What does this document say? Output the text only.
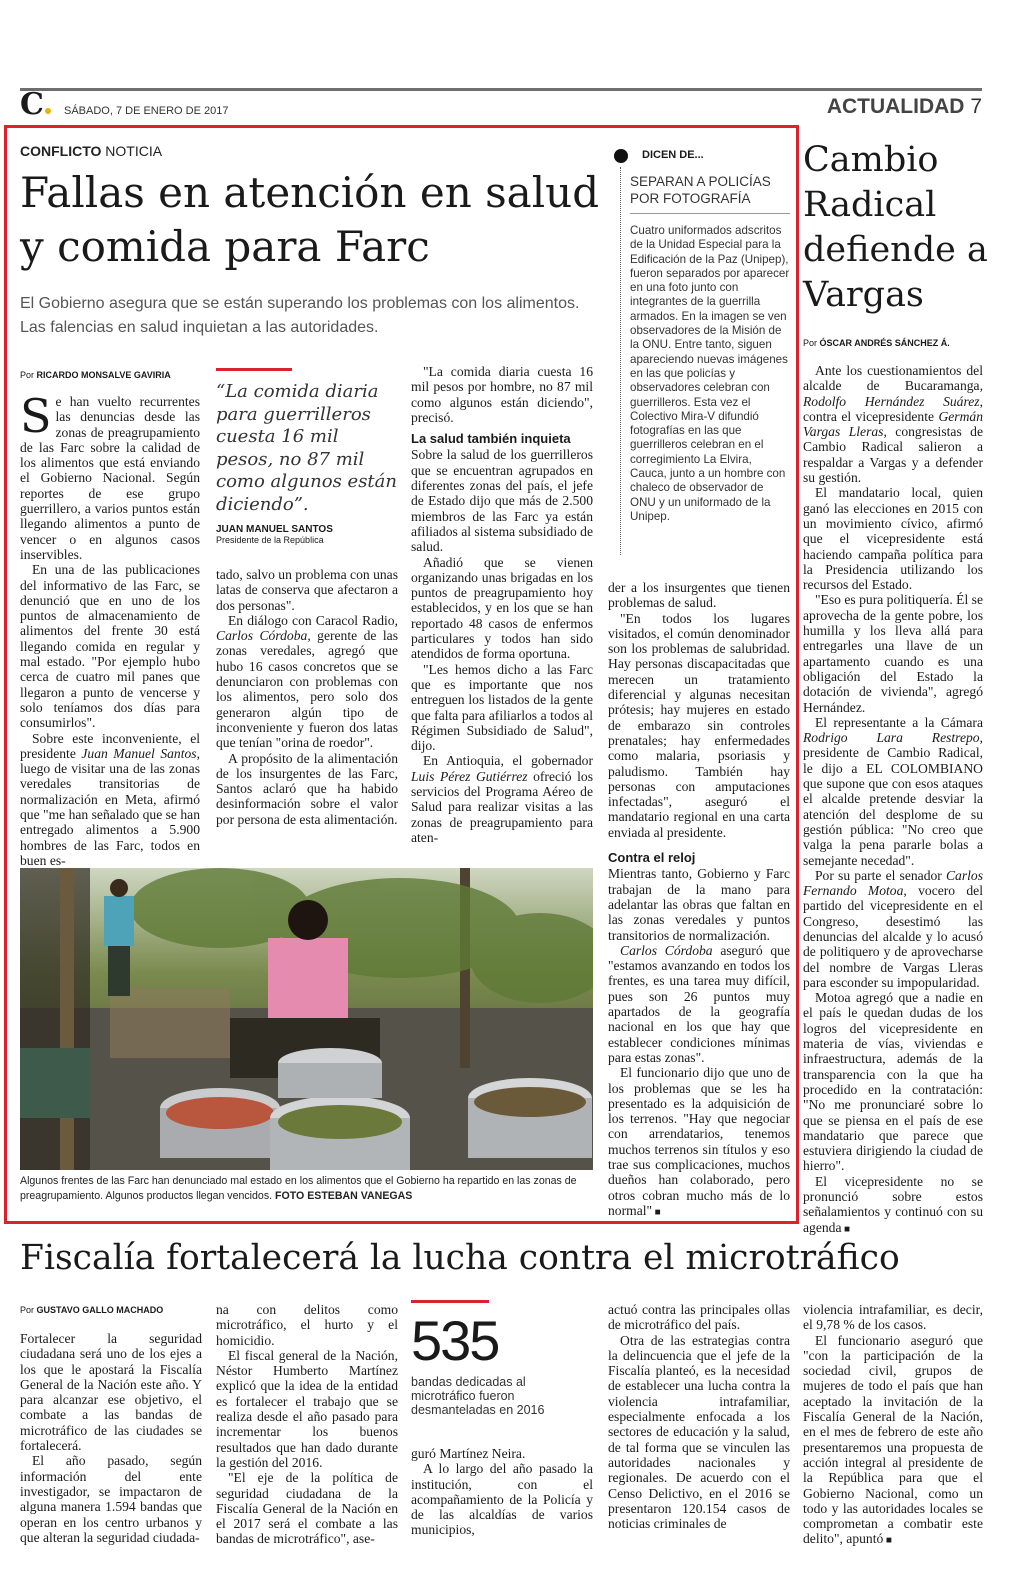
C	SÁBADO, 7 DE ENERO DE 2017	ACTUALIDAD 7
CONFLICTO NOTICIA
Fallas en atención en salud y comida para Farc

El Gobierno asegura que se están superando los problemas con los alimentos. Las falencias en salud inquietan a las autoridades.

Por RICARDO MONSALVE GAVIRIA

Se han vuelto recurrentes las denuncias desde las zonas de preagrupamiento de las Farc sobre la calidad de los alimentos que está enviando el Gobierno Nacional. Según reportes de ese grupo guerrillero, a varios puntos están llegando alimentos a punto de vencer o en algunos casos inservibles.

En una de las publicaciones del informativo de las Farc, se denunció que en uno de los puntos de almacenamiento de alimentos del frente 30 está llegando comida en regular y mal estado. "Por ejemplo hubo cerca de cuatro mil panes que llegaron a punto de vencerse y solo teníamos dos días para consumirlos".

Sobre este inconveniente, el presidente Juan Manuel Santos, luego de visitar una de las zonas veredales transitorias de normalización en Meta, afirmó que "me han señalado que se han entregado alimentos a 5.900 hombres de las Farc, todos en buen es-

“La comida diaria para guerrilleros cuesta 16 mil pesos, no 87 mil como algunos están diciendo”.

JUAN MANUEL SANTOS

Presidente de la República

tado, salvo un problema con unas latas de conserva que afectaron a dos personas".

En diálogo con Caracol Radio, Carlos Córdoba, gerente de las zonas veredales, agregó que hubo 16 casos concretos que se denunciaron con problemas con los alimentos, pero solo dos generaron algún tipo de inconveniente y fueron dos latas que tenían "orina de roedor".

A propósito de la alimentación de los insurgentes de las Farc, Santos aclaró que ha habido desinformación sobre el valor por persona de esta alimentación.

"La comida diaria cuesta 16 mil pesos por hombre, no 87 mil como algunos están diciendo", precisó.

La salud también inquieta

Sobre la salud de los guerrilleros que se encuentran agrupados en diferentes zonas del país, el jefe de Estado dijo que más de 2.500 miembros de las Farc ya están afiliados al sistema subsidiado de salud.

Añadió que se vienen organizando unas brigadas en los puntos de preagrupamiento hoy establecidos, y en los que se han reportado 48 casos de enfermos particulares y todos han sido atendidos de forma oportuna.

"Les hemos dicho a las Farc que es importante que nos entreguen los listados de la gente que falta para afiliarlos a todos al Régimen Subsidiado de Salud", dijo.

En Antioquia, el gobernador Luis Pérez Gutiérrez ofreció los servicios del Programa Aéreo de Salud para realizar visitas a las zonas de preagrupamiento para aten-

DICEN DE...

SEPARAN A POLICÍAS POR FOTOGRAFÍA

Cuatro uniformados adscritos de la Unidad Especial para la Edificación de la Paz (Unipep), fueron separados por aparecer en una foto junto con integrantes de la guerrilla armados. En la imagen se ven observadores de la Misión de la ONU. Entre tanto, siguen apareciendo nuevas imágenes en las que policías y observadores celebran con guerrilleros. Esta vez el Colectivo Mira-V difundió fotografías en las que guerrilleros celebran en el corregimiento La Elvira, Cauca, junto a un hombre con chaleco de observador de ONU y un uniformado de la Unipep.

der a los insurgentes que tienen problemas de salud.

"En todos los lugares visitados, el común denominador son los problemas de salubridad. Hay personas discapacitadas que merecen un tratamiento diferencial y algunas necesitan prótesis; hay mujeres en estado de embarazo sin controles prenatales; hay enfermedades como malaria, psoriasis y paludismo. También hay personas con amputaciones infectadas", aseguró el mandatario regional en una carta enviada al presidente.

Contra el reloj

Mientras tanto, Gobierno y Farc trabajan de la mano para adelantar las obras que faltan en las zonas veredales y puntos transitorios de normalización.

Carlos Córdoba aseguró que "estamos avanzando en todos los frentes, es una tarea muy difícil, pues son 26 puntos muy apartados de la geografía nacional en los que hay que establecer condiciones mínimas para estas zonas".

El funcionario dijo que uno de los problemas que se les ha presentado es la adquisición de los terrenos. "Hay que negociar con arrendatarios, tenemos muchos terrenos sin títulos y eso trae sus complicaciones, muchos dueños han colaborado, pero otros cobran mucho más de lo normal" ■

Algunos frentes de las Farc han denunciado mal estado en los alimentos que el Gobierno ha repartido en las zonas de preagrupamiento. Algunos productos llegan vencidos. FOTO ESTEBAN VANEGAS

Cambio Radical defiende a Vargas
Por ÓSCAR ANDRÉS SÁNCHEZ Á.

Ante los cuestionamientos del alcalde de Bucaramanga, Rodolfo Hernández Suárez, contra el vicepresidente Germán Vargas Lleras, congresistas de Cambio Radical salieron a respaldar a Vargas y a defender su gestión.

El mandatario local, quien ganó las elecciones en 2015 con un movimiento cívico, afirmó que el vicepresidente está haciendo campaña política para la Presidencia utilizando los recursos del Estado.

"Eso es pura politiquería. Él se aprovecha de la gente pobre, los humilla y los lleva allá para entregarles una llave de un apartamento cuando es una obligación del Estado la dotación de vivienda", agregó Hernández.

El representante a la Cámara Rodrigo Lara Restrepo, presidente de Cambio Radical, le dijo a EL COLOMBIANO que supone que con esos ataques el alcalde pretende desviar la atención del desplome de su gestión pública: "No creo que valga la pena pararle bolas a semejante necedad".

Por su parte el senador Carlos Fernando Motoa, vocero del partido del vicepresidente en el Congreso, desestimó las denuncias del alcalde y lo acusó de politiquero y de aprovecharse del nombre de Vargas Lleras para esconder su impopularidad.

Motoa agregó que a nadie en el país le quedan dudas de los logros del vicepresidente en materia de vías, viviendas e infraestructura, además de la transparencia con la que ha procedido en la contratación: "No me pronunciaré sobre lo que se piensa en el país de ese mandatario que parece que estuviera dirigiendo la ciudad de hierro".

El vicepresidente no se pronunció sobre estos señalamientos y continuó con su agenda ■

Fiscalía fortalecerá la lucha contra el microtráfico
Por GUSTAVO GALLO MACHADO

Fortalecer la seguridad ciudadana será uno de los ejes a los que le apostará la Fiscalía General de la Nación este año. Y para alcanzar ese objetivo, el combate a las bandas de microtráfico de las ciudades se fortalecerá.

El año pasado, según información del ente investigador, se impactaron de alguna manera 1.594 bandas que operan en los centro urbanos y que alteran la seguridad ciudada-

na con delitos como microtráfico, el hurto y el homicidio.

El fiscal general de la Nación, Néstor Humberto Martínez explicó que la idea de la entidad es fortalecer el trabajo que se realiza desde el año pasado para incrementar los buenos resultados que han dado durante la gestión del 2016.

"El eje de la política de seguridad ciudadana de la Fiscalía General de la Nación en el 2017 será el combate a las bandas de microtráfico", ase-

535

bandas dedicadas al microtráfico fueron desmanteladas en 2016

guró Martínez Neira.

A lo largo del año pasado la institución, con el acompañamiento de la Policía y de las alcaldías de varios municipios,

actuó contra las principales ollas de microtráfico del país.

Otra de las estrategias contra la delincuencia que el jefe de la Fiscalía planteó, es la necesidad de establecer una lucha contra la violencia intrafamiliar, especialmente enfocada a los sectores de educación y la salud, de tal forma que se vinculen las autoridades nacionales y regionales. De acuerdo con el Censo Delictivo, en el 2016 se presentaron 120.154 casos de noticias criminales de

violencia intrafamiliar, es decir, el 9,78 % de los casos.

El funcionario aseguró que "con la participación de la sociedad civil, grupos de mujeres de todo el país que han aceptado la invitación de la Fiscalía General de la Nación, en el mes de febrero de este año presentaremos una propuesta de acción integral al presidente de la República para que el Gobierno Nacional, como un todo y las autoridades locales se comprometan a combatir este delito", apuntó ■
